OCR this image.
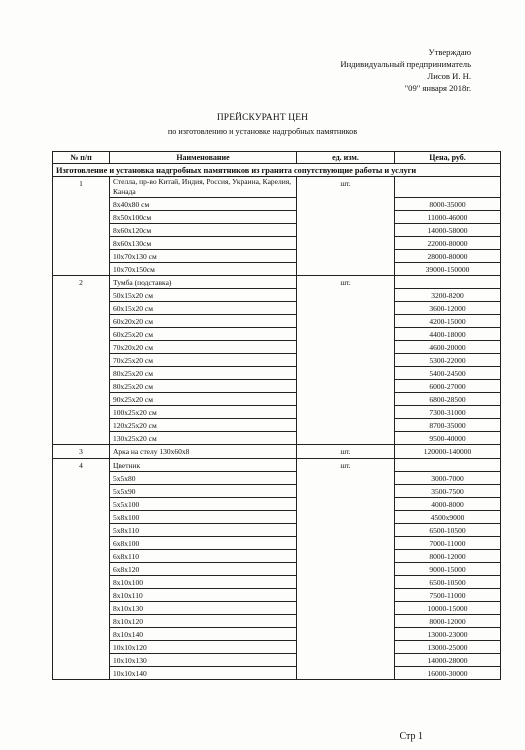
Утверждаю
Индивидуальный предприниматель
Лисов И. Н.
"09" января 2018г.
ПРЕЙСКУРАНТ ЦЕН
по изготовлению и установке надгробных памятников
№ п/п	Наименование	ед. изм.	Цена, руб.
Изготовление и установка надгробных памятников из гранита сопутствующие работы и услуги			
1	Стелла, пр-во Китай, Индия, Россия, Украина, Карелия, Канада	шт.	
	8х40х80 см		8000-35000
	8х50х100см		11000-46000
	8х60х120см		14000-58000
	8х60х130см		22000-80000
	10х70х130 см		28000-80000
	10х70х150см		39000-150000
2	Тумба (подставка)	шт.	
	50х15х20 см		3200-8200
	60х15х20 см		3600-12000
	60х20х20 см		4200-15000
	60х25х20 см		4400-18000
	70х20х20 см		4600-20000
	70х25х20 см		5300-22000
	80х25х20 см		5400-24500
	80х25х20 см		6000-27000
	90х25х20 см		6800-28500
	100х25х20 см		7300-31000
	120х25х20 см		8700-35000
	130х25х20 см		9500-40000
3	Арка на стелу 130х60х8	шт.	120000-140000
4	Цветник	шт.	
	5х5х80		3000-7000
	5х5х90		3500-7500
	5х5х100		4000-8000
	5х8х100		4500х9000
	5х8х110		6500-10500
	6х8х100		7000-11000
	6х8х110		8000-12000
	6х8х120		9000-15000
	8х10х100		6500-10500
	8х10х110		7500-11000
	8х10х130		10000-15000
	8х10х120		8000-12000
	8х10х140		13000-23000
	10х10х120		13000-25000
	10х10х130		14000-28000
	10х10х140		16000-30000
Стр 1
